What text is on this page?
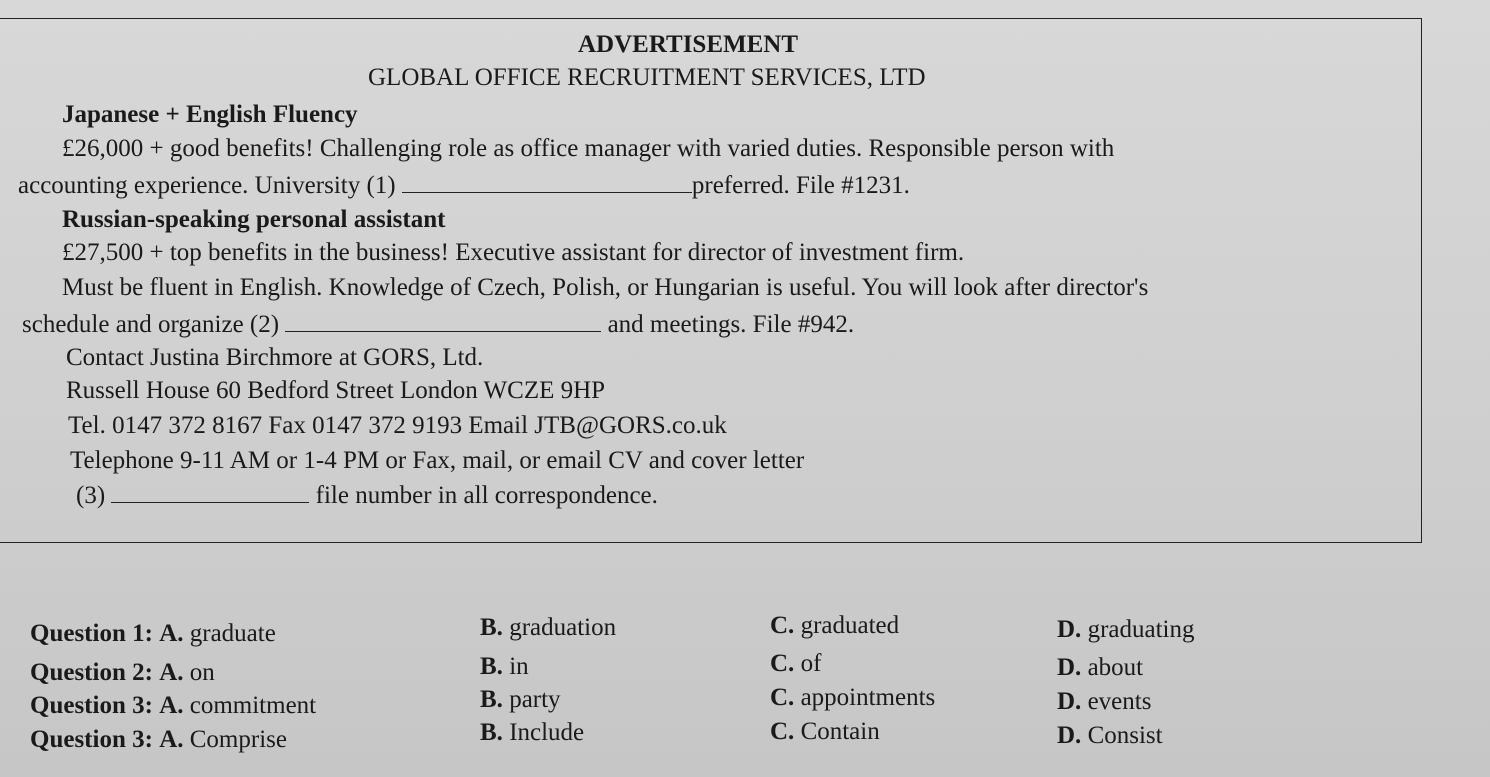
ADVERTISEMENT
GLOBAL OFFICE RECRUITMENT SERVICES, LTD
Japanese + English Fluency
£26,000 + good benefits! Challenging role as office manager with varied duties. Responsible person with
accounting experience. University (1)	preferred. File #1231.
Russian-speaking personal assistant
£27,500 + top benefits in the business! Executive assistant for director of investment firm.
Must be fluent in English. Knowledge of Czech, Polish, or Hungarian is useful. You will look after director's
schedule and organize (2)	and meetings. File #942.
Contact Justina Birchmore at GORS, Ltd.
Russell House 60 Bedford Street London WCZE 9HP
Tel. 0147 372 8167 Fax 0147 372 9193 Email JTB@GORS.co.uk
Telephone 9-11 AM or 1-4 PM or Fax, mail, or email CV and cover letter
(3)	file number in all correspondence.
Question 1: A. graduate	B. graduation	C. graduated	D. graduating
Question 2: A. on	B. in	C. of	D. about
Question 3: A. commitment	B. party	C. appointments	D. events
Question 3: A. Comprise	B. Include	C. Contain	D. Consist
